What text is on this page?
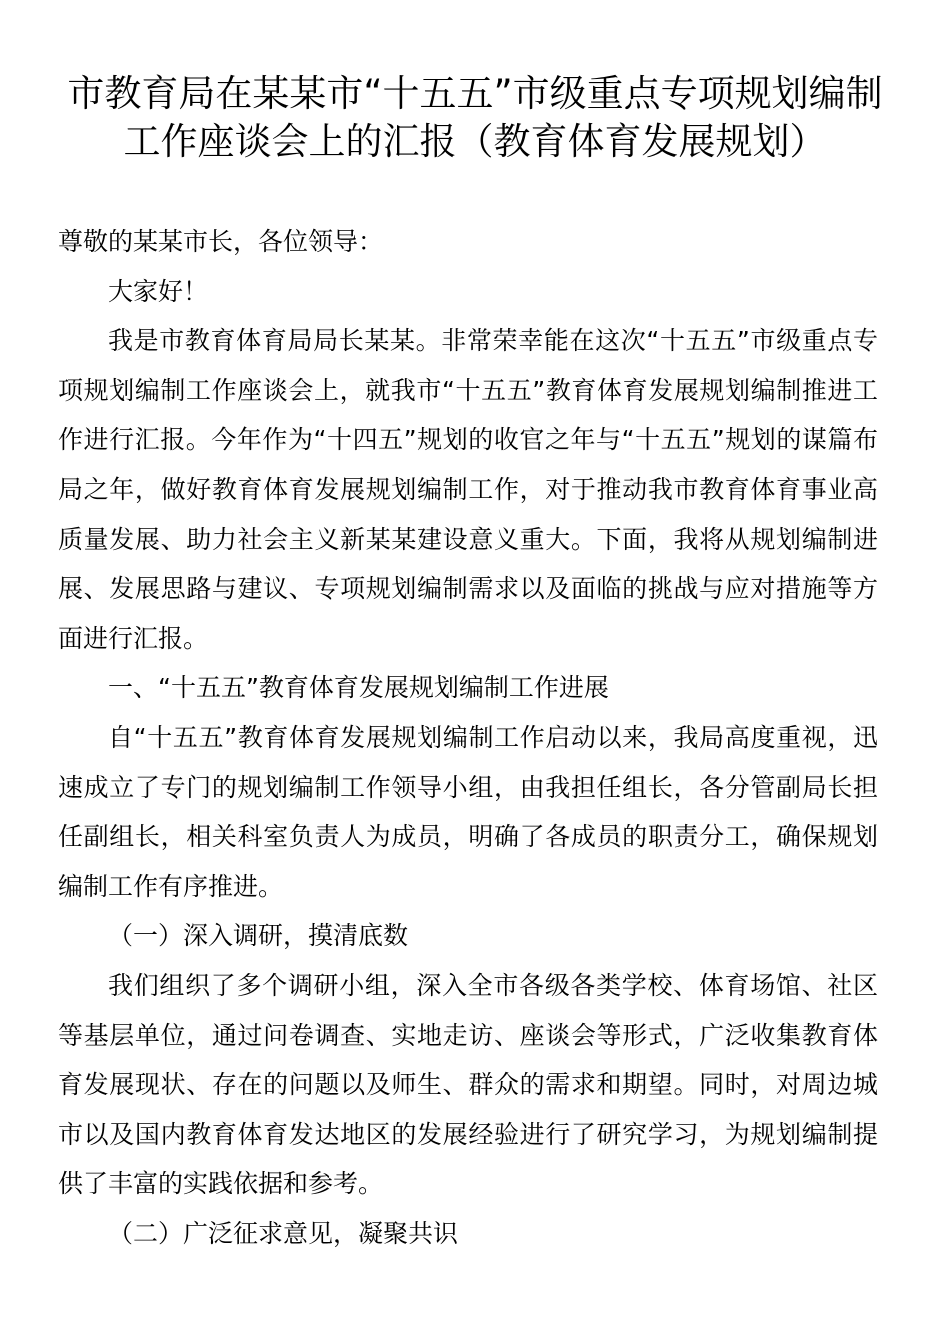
市教育局在某某市“十五五”市级重点专项规划编制
工作座谈会上的汇报（教育体育发展规划）

尊敬的某某市长，各位领导：

大家好！

我是市教育体育局局长某某。非常荣幸能在这次“十五五”市级重点专项规划编制工作座谈会上，就我市“十五五”教育体育发展规划编制推进工作进行汇报。今年作为“十四五”规划的收官之年与“十五五”规划的谋篇布局之年，做好教育体育发展规划编制工作，对于推动我市教育体育事业高质量发展、助力社会主义新某某建设意义重大。下面，我将从规划编制进展、发展思路与建议、专项规划编制需求以及面临的挑战与应对措施等方面进行汇报。

一、“十五五”教育体育发展规划编制工作进展

自“十五五”教育体育发展规划编制工作启动以来，我局高度重视，迅速成立了专门的规划编制工作领导小组，由我担任组长，各分管副局长担任副组长，相关科室负责人为成员，明确了各成员的职责分工，确保规划编制工作有序推进。

（一）深入调研，摸清底数

我们组织了多个调研小组，深入全市各级各类学校、体育场馆、社区等基层单位，通过问卷调查、实地走访、座谈会等形式，广泛收集教育体育发展现状、存在的问题以及师生、群众的需求和期望。同时，对周边城市以及国内教育体育发达地区的发展经验进行了研究学习，为规划编制提供了丰富的实践依据和参考。

（二）广泛征求意见，凝聚共识
